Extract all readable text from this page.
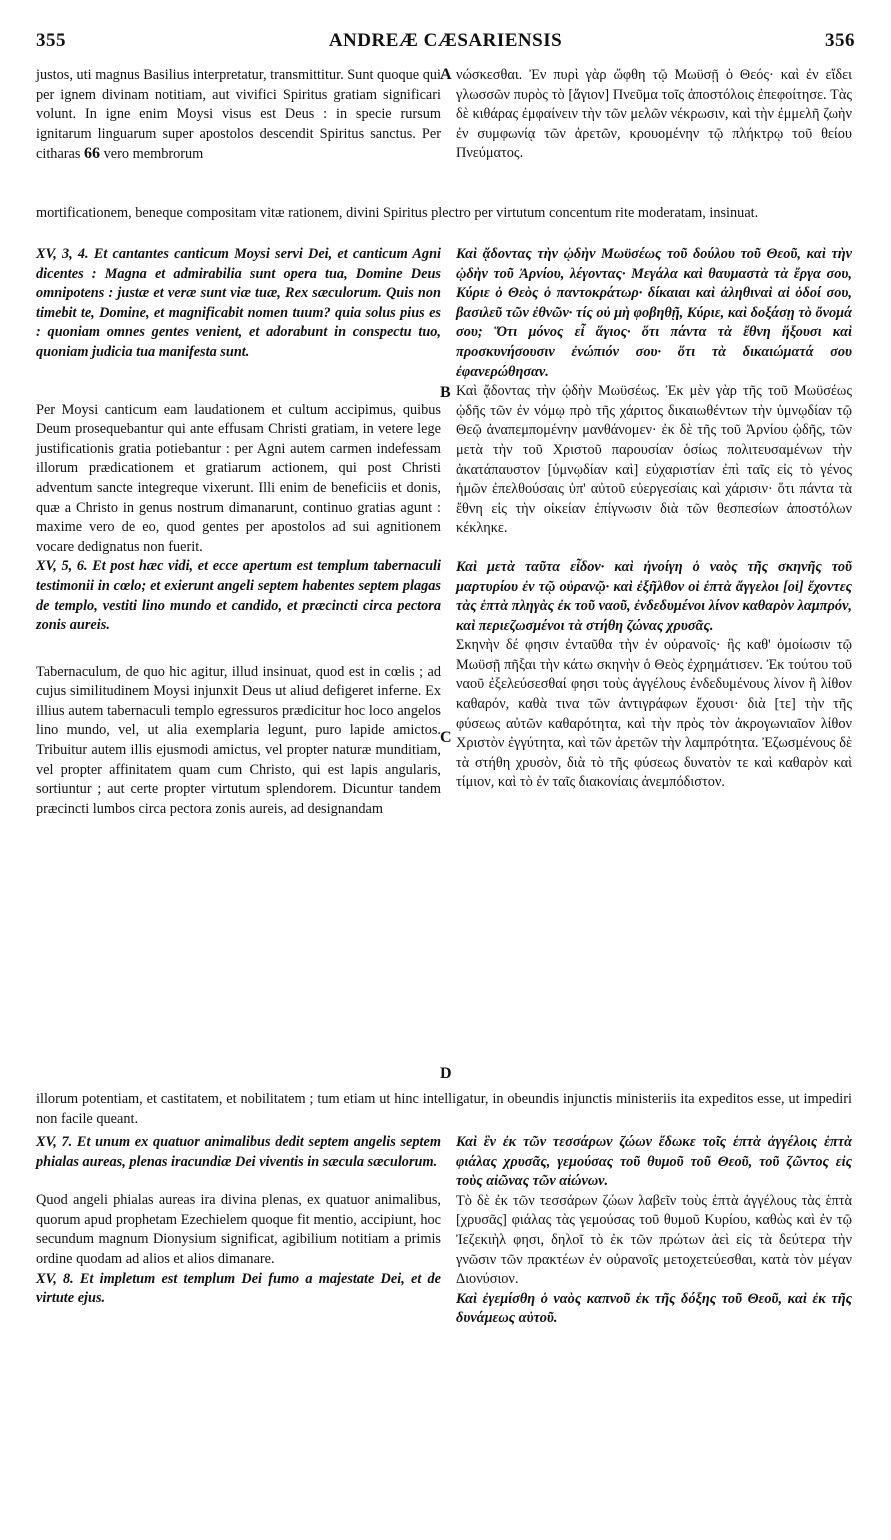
355	ANDREÆ CÆSARIENSIS	356

justos, uti magnus Basilius interpretatur, transmittitur. Sunt quoque qui per ignem divinam notitiam, aut vivifici Spiritus gratiam significari volunt. In igne enim Moysi visus est Deus : in specie rursum ignitarum linguarum super apostolos descendit Spiritus sanctus. Per citharas 66 vero membrorum

νώσκεσθαι. Ἐν πυρὶ γὰρ ὤφθη τῷ Μωϋσῇ ὁ Θεός· καὶ ἐν εἴδει γλωσσῶν πυρὸς τὸ [ἅγιον] Πνεῦμα τοῖς ἀποστόλοις ἐπεφοίτησε. Τὰς δὲ κιθάρας ἐμφαίνειν τὴν τῶν μελῶν νέκρωσιν, καὶ τὴν ἐμμελῆ ζωὴν ἐν συμφωνίᾳ τῶν ἀρετῶν, κρουομένην τῷ πλήκτρῳ τοῦ θείου Πνεύματος.

mortificationem, beneque compositam vitæ rationem, divini Spiritus plectro per virtutum concentum rite moderatam, insinuat.

XV, 3, 4. Et cantantes canticum Moysi servi Dei, et canticum Agni dicentes : Magna et admirabilia sunt opera tua, Domine Deus omnipotens : justæ et veræ sunt viæ tuæ, Rex sæculorum. Quis non timebit te, Domine, et magnificabit nomen tuum? quia solus pius es : quoniam omnes gentes venient, et adorabunt in conspectu tuo, quoniam judicia tua manifesta sunt.

Per Moysi canticum eam laudationem et cultum accipimus, quibus Deum prosequebantur qui ante effusam Christi gratiam, in vetere lege justificationis gratia potiebantur : per Agni autem carmen indefessam illorum prædicationem et gratiarum actionem, qui post Christi adventum sancte integreque vixerunt. Illi enim de beneficiis et donis, quæ a Christo in genus nostrum dimanarunt, continuo gratias agunt : maxime vero de eo, quod gentes per apostolos ad sui agnitionem vocare dedignatus non fuerit.

XV, 5, 6. Et post hæc vidi, et ecce apertum est templum tabernaculi testimonii in cœlo; et exierunt angeli septem habentes septem plagas de templo, vestiti lino mundo et candido, et præcincti circa pectora zonis aureis.

Tabernaculum, de quo hic agitur, illud insinuat, quod est in cœlis ; ad cujus similitudinem Moysi injunxit Deus ut aliud defigeret inferne. Ex illius autem tabernaculi templo egressuros prædicitur hoc loco angelos lino mundo, vel, ut alia exemplaria legunt, puro lapide amictos. Tribuitur autem illis ejusmodi amictus, vel propter naturæ munditiam, vel propter affinitatem quam cum Christo, qui est lapis angularis, sortiuntur ; aut certe propter virtutum splendorem. Dicuntur tandem præcincti lumbos circa pectora zonis aureis, ad designandam

Καὶ ᾄδοντας τὴν ᾠδὴν Μωϋσέως τοῦ δούλου τοῦ Θεοῦ, καὶ τὴν ᾠδὴν τοῦ Ἀρνίου, λέγοντας· Μεγάλα καὶ θαυμαστὰ τὰ ἔργα σου, Κύριε ὁ Θεὸς ὁ παντοκράτωρ· δίκαιαι καὶ ἀληθιναὶ αἱ ὁδοί σου, βασιλεῦ τῶν ἐθνῶν· τίς οὐ μὴ φοβηθῇ, Κύριε, καὶ δοξάσῃ τὸ ὄνομά σου; Ὅτι μόνος εἶ ἅγιος· ὅτι πάντα τὰ ἔθνη ἥξουσι καὶ προσκυνήσουσιν ἐνώπιόν σου· ὅτι τὰ δικαιώματά σου ἐφανερώθησαν.

Καὶ ᾄδοντας τὴν ᾠδὴν Μωϋσέως. Ἐκ μὲν γὰρ τῆς τοῦ Μωϋσέως ᾠδῆς τῶν ἐν νόμῳ πρὸ τῆς χάριτος δικαιωθέντων τὴν ὑμνῳδίαν τῷ Θεῷ ἀναπεμπομένην μανθάνομεν· ἐκ δὲ τῆς τοῦ Ἀρνίου ᾠδῆς, τῶν μετὰ τὴν τοῦ Χριστοῦ παρουσίαν ὁσίως πολιτευσαμένων τὴν ἀκατάπαυστον [ὑμνῳδίαν καὶ] εὐχαριστίαν ἐπὶ ταῖς εἰς τὸ γένος ἡμῶν ἐπελθούσαις ὑπ' αὐτοῦ εὐεργεσίαις καὶ χάρισιν· ὅτι πάντα τὰ ἔθνη εἰς τὴν οἰκείαν ἐπίγνωσιν διὰ τῶν θεσπεσίων ἀποστόλων κέκληκε.

Καὶ μετὰ ταῦτα εἶδον· καὶ ἠνοίγη ὁ ναὸς τῆς σκηνῆς τοῦ μαρτυρίου ἐν τῷ οὐρανῷ· καὶ ἐξῆλθον οἱ ἑπτὰ ἄγγελοι [οἱ] ἔχοντες τὰς ἑπτὰ πληγὰς ἐκ τοῦ ναοῦ, ἐνδεδυμένοι λίνον καθαρὸν λαμπρόν, καὶ περιεζωσμένοι τὰ στήθη ζώνας χρυσᾶς.

Σκηνὴν δέ φησιν ἐνταῦθα τὴν ἐν οὐρανοῖς· ἣς καθ' ὁμοίωσιν τῷ Μωϋσῇ πῆξαι τὴν κάτω σκηνὴν ὁ Θεὸς ἐχρημάτισεν. Ἐκ τούτου τοῦ ναοῦ ἐξελεύσεσθαί φησι τοὺς ἀγγέλους ἐνδεδυμένους λίνον ἢ λίθον καθαρόν, καθὰ τινα τῶν ἀντιγράφων ἔχουσι· διὰ [τε] τὴν τῆς φύσεως αὐτῶν καθαρότητα, καὶ τὴν πρὸς τὸν ἀκρογωνιαῖον λίθον Χριστὸν ἐγγύτητα, καὶ τῶν ἀρετῶν τὴν λαμπρότητα. Ἐζωσμένους δὲ τὰ στήθη χρυσὸν, διὰ τὸ τῆς φύσεως δυνατὸν τε καὶ καθαρὸν καὶ τίμιον, καὶ τὸ ἐν ταῖς διακονίαις ἀνεμπόδιστον.

illorum potentiam, et castitatem, et nobilitatem ; tum etiam ut hinc intelligatur, in obeundis injunctis ministeriis ita expeditos esse, ut impediri non facile queant.

XV, 7. Et unum ex quatuor animalibus dedit septem angelis septem phialas aureas, plenas iracundiæ Dei viventis in sæcula sæculorum.

Quod angeli phialas aureas ira divina plenas, ex quatuor animalibus, quorum apud prophetam Ezechielem quoque fit mentio, accipiunt, hoc secundum magnum Dionysium significat, agibilium notitiam a primis ordine quodam ad alios et alios dimanare.

XV, 8. Et impletum est templum Dei fumo a majestate Dei, et de virtute ejus.

Καὶ ἓν ἐκ τῶν τεσσάρων ζώων ἔδωκε τοῖς ἑπτὰ ἀγγέλοις ἑπτὰ φιάλας χρυσᾶς, γεμούσας τοῦ θυμοῦ τοῦ Θεοῦ, τοῦ ζῶντος εἰς τοὺς αἰῶνας τῶν αἰώνων.

Τὸ δὲ ἐκ τῶν τεσσάρων ζώων λαβεῖν τοὺς ἑπτὰ ἀγγέλους τὰς ἑπτὰ [χρυσᾶς] φιάλας τὰς γεμούσας τοῦ θυμοῦ Κυρίου, καθὼς καὶ ἐν τῷ Ἰεζεκιὴλ φησι, δηλοῖ τὸ ἐκ τῶν πρώτων ἀεὶ εἰς τὰ δεύτερα τὴν γνῶσιν τῶν πρακτέων ἐν οὐρανοῖς μετοχετεύεσθαι, κατὰ τὸν μέγαν Διονύσιον.

Καὶ ἐγεμίσθη ὁ ναὸς καπνοῦ ἐκ τῆς δόξης τοῦ Θεοῦ, καὶ ἐκ τῆς δυνάμεως αὐτοῦ.

A
B
C
D
